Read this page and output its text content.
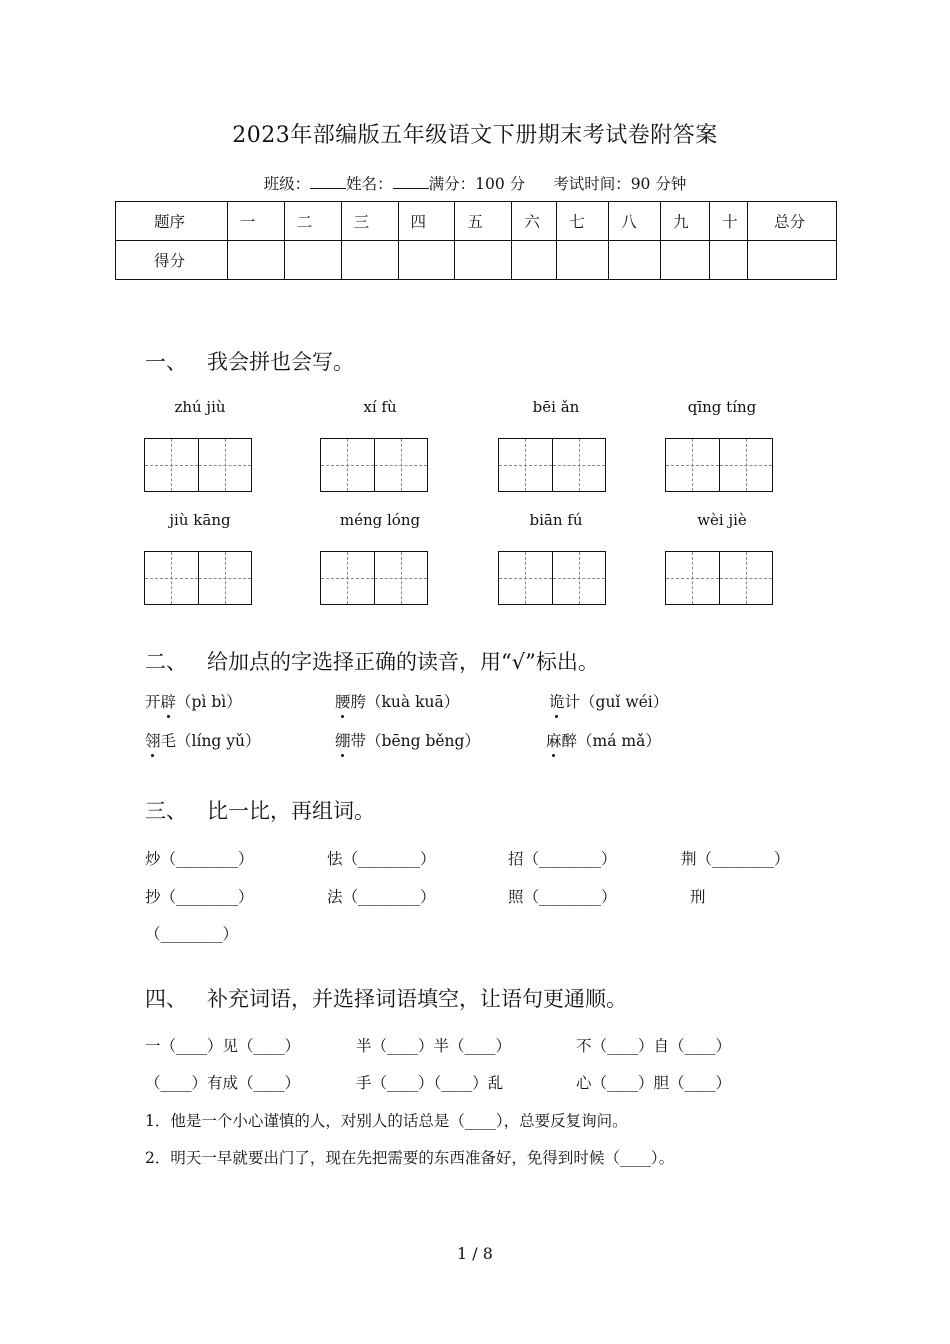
2023年部编版五年级语文下册期末考试卷附答案
班级： 姓名： 满分：100 分 考试时间：90 分钟
题序	一	二	三	四	五	六	七	八	九	十	总分
得分											
一、 我会拼也会写。
zhú jiù	xí fù	bēi ǎn	qīng tíng
jiù kāng	méng lóng	biān fú	wèi jiè
二、 给加点的字选择正确的读音，用“√”标出。
开辟（pì bì）	腰胯（kuà kuā）	诡计（guǐ wéi）
翎毛（líng yǔ）	绷带（bēng běng）	麻醉（má mǎ）
三、 比一比，再组词。
炒（________）	怯（________）	招（________）	荆（________）
抄（________）	法（________）	照（________）	刑
（________）
四、 补充词语，并选择词语填空，让语句更通顺。
一（____）见（____）	半（____）半（____）	不（____）自（____）
（____）有成（____）	手（____）（____）乱	心（____）胆（____）
1．他是一个小心谨慎的人，对别人的话总是（____），总要反复询问。
2．明天一早就要出门了，现在先把需要的东西准备好，免得到时候（____）。
1 / 8
